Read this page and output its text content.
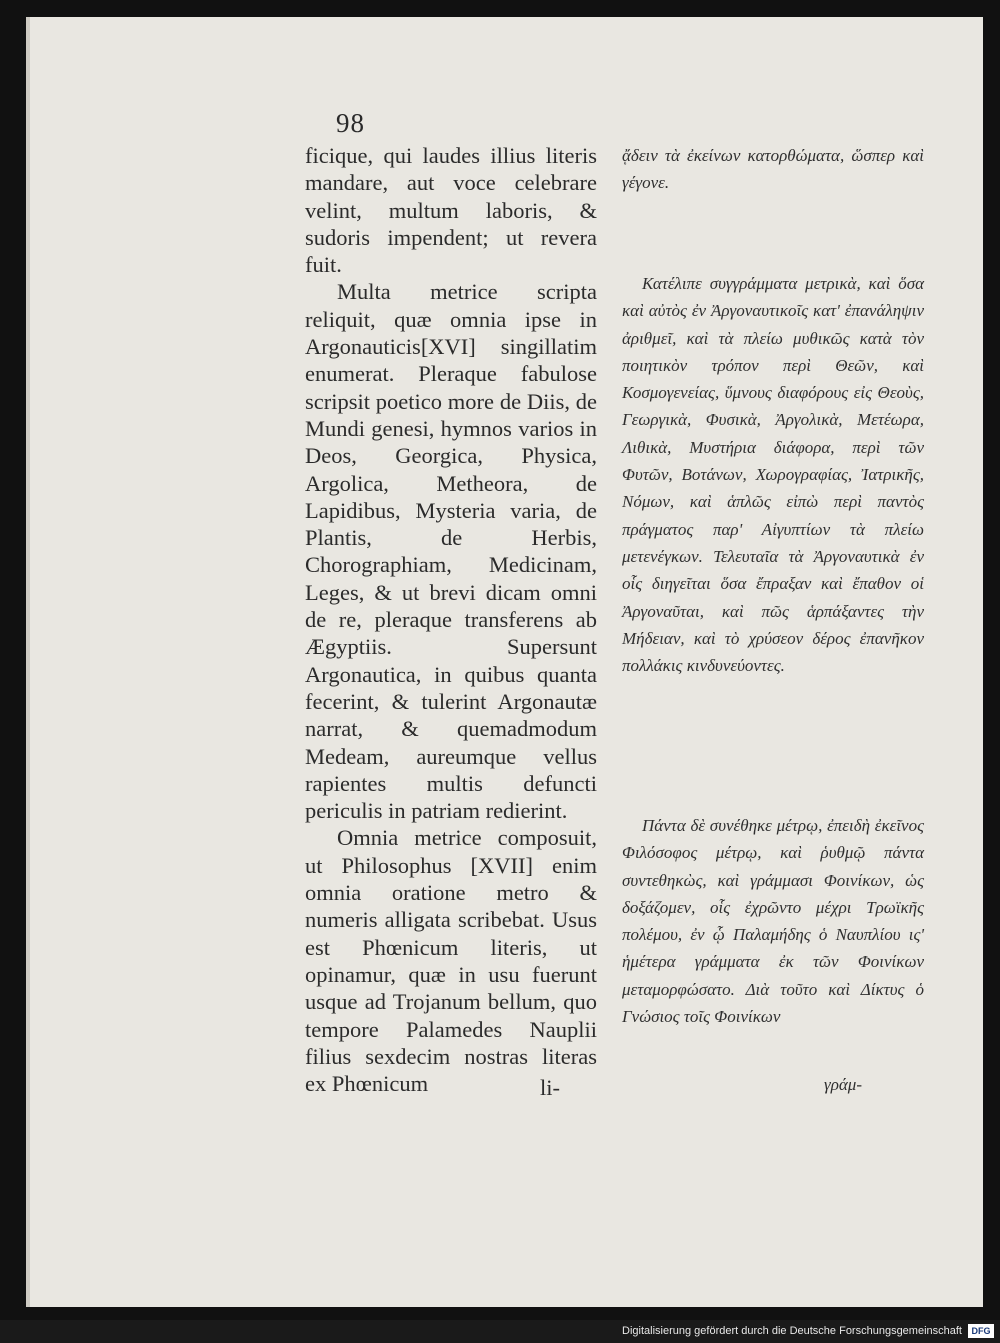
98

ficique, qui laudes illius literis mandare, aut voce celebrare velint, multum laboris, & sudoris impendent; ut revera fuit.

Multa metrice scripta reliquit, quæ omnia ipse in Argonauticis[XVI] singillatim enumerat. Pleraque fabulose scripsit poetico more de Diis, de Mundi genesi, hymnos varios in Deos, Georgica, Physica, Argolica, Metheora, de Lapidibus, Mysteria varia, de Plantis, de Herbis, Chorographiam, Medicinam, Leges, & ut brevi dicam omni de re, pleraque transferens ab Ægyptiis. Supersunt Argonautica, in quibus quanta fecerint, & tulerint Argonautæ narrat, & quemadmodum Medeam, aureumque vellus rapientes multis defuncti periculis in patriam redierint.

Omnia metrice composuit, ut Philosophus [XVII] enim omnia oratione metro & numeris alligata scribebat. Usus est Phœnicum literis, ut opinamur, quæ in usu fuerunt usque ad Trojanum bellum, quo tempore Palamedes Nauplii filius sexdecim nostras literas ex Phœnicum	li-

ᾄδειν τὰ ἐκείνων κατορθώματα, ὥσπερ καὶ γέγονε.

Κατέλιπε συγγράμματα μετρικὰ, καὶ ὅσα καὶ αὐτὸς ἐν Ἀργοναυτικοῖς κατ' ἐπανάληψιν ἀριθμεῖ, καὶ τὰ πλείω μυθικῶς κατὰ τὸν ποιητικὸν τρόπον περὶ Θεῶν, καὶ Κοσμογενείας, ὕμνους διαφόρους εἰς Θεοὺς, Γεωργικὰ, Φυσικὰ, Ἀργολικὰ, Μετέωρα, Λιθικὰ, Μυστήρια διάφορα, περὶ τῶν Φυτῶν, Βοτάνων, Χωρογραφίας, Ἰατρικῆς, Νόμων, καὶ ἁπλῶς εἰπὼ περὶ παντὸς πράγματος παρ' Αἰγυπτίων τὰ πλείω μετενέγκων. Τελευταῖα τὰ Ἀργοναυτικὰ ἐν οἷς διηγεῖται ὅσα ἔπραξαν καὶ ἔπαθον οἱ Ἀργοναῦται, καὶ πῶς ἁρπάξαντες τὴν Μήδειαν, καὶ τὸ χρύσεον δέρος ἐπανῆκον πολλάκις κινδυνεύοντες.

Πάντα δὲ συνέθηκε μέτρῳ, ἐπειδὴ ἐκεῖνος Φιλόσοφος μέτρῳ, καὶ ῥυθμῷ πάντα συντεθηκὼς, καὶ γράμμασι Φοινίκων, ὡς δοξάζομεν, οἷς ἐχρῶντο μέχρι Τρωϊκῆς πολέμου, ἐν ᾧ Παλαμήδης ὁ Ναυπλίου ις' ἡμέτερα γράμματα ἐκ τῶν Φοινίκων μεταμορφώσατο. Διὰ τοῦτο καὶ Δίκτυς ὁ Γνώσιος τοῖς Φοινίκων

γράμ-
Digitalisierung gefördert durch die Deutsche Forschungsgemeinschaft	DFG
